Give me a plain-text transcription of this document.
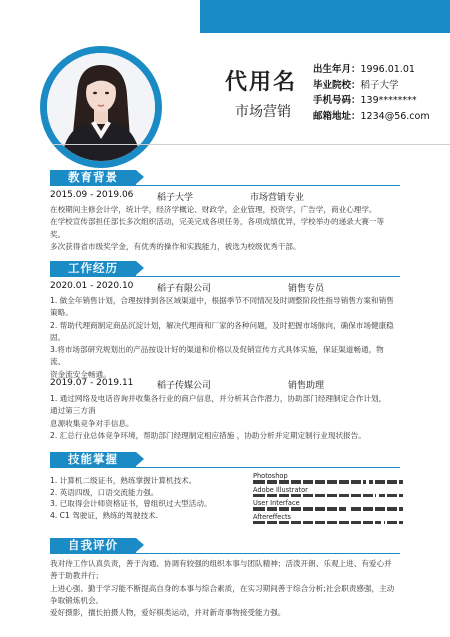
代用名
市场营销
出生年月：1996.01.01
毕业院校：稻子大学
手机号码：139********
邮箱地址：1234@56.com
教育背景
2015.09 - 2019.06	稻子大学	市场营销专业
在校期间主修会计学，统计学，经济学概论、财政学，企业管理，投资学，广告学，商业心理学。
在学校宣传部担任部长多次组织活动，完美完成各项任务，各项成绩优异，学校举办的递录大赛一等奖。
多次获得省市级奖学金，有优秀的操作和实践能力，被选为校级优秀干部。
工作经历
2020.01 - 2020.10	稻子有限公司	销售专员
1. 做全年销售计划，合理按排到各区域渠道中，根据季节不同情况及时调整阶段性指导销售方案和销售
策略。
2. 帮助代理商制定商品沉淀计划，解决代理商和厂家的各种问题，及时把握市场脉向，确保市场健康稳
固。
3.将市场部研究规划出的产品按设计好的渠道和价格以及促销宣传方式具体实施，保证渠道畅通，物流、
资金流安全畅通。
2019.07 - 2019.11	稻子传媒公司	销售助理
1. 通过网络及电话咨询并收集各行业的商户信息，并分析其合作潜力，协助部门经理制定合作计划，
通过第三方消
息源收集竞争对手信息。
2. 汇总行业总体竞争环境，帮助部门经理制定相应措施 ，协助分析并定期定制行业现状报告。
技能掌握
1. 计算机二级证书，熟练掌握计算机技术。
2. 英语四级，口语交流能力强。
3. 已取得会计师资格证书，曾组织过大型活动。
4. C1 驾驶证，熟练的驾驶技术.
Photoshop
Adobe Illustrator
User Interface
Aftereffects
自我评价
我对待工作认真负责，善于沟通、协调有较强的组织本事与团队精神；活泼开朗、乐观上进、有爱心并
善于助教并行；
上进心强、勤于学习能不断提高自身的本事与综合素质，在实习期间善于综合分析;社会职责感强，主动
争取锻炼机会。
爱好摄影，擅长拍摄人物，爱好棋类运动，并对新奇事物接受能力强。
